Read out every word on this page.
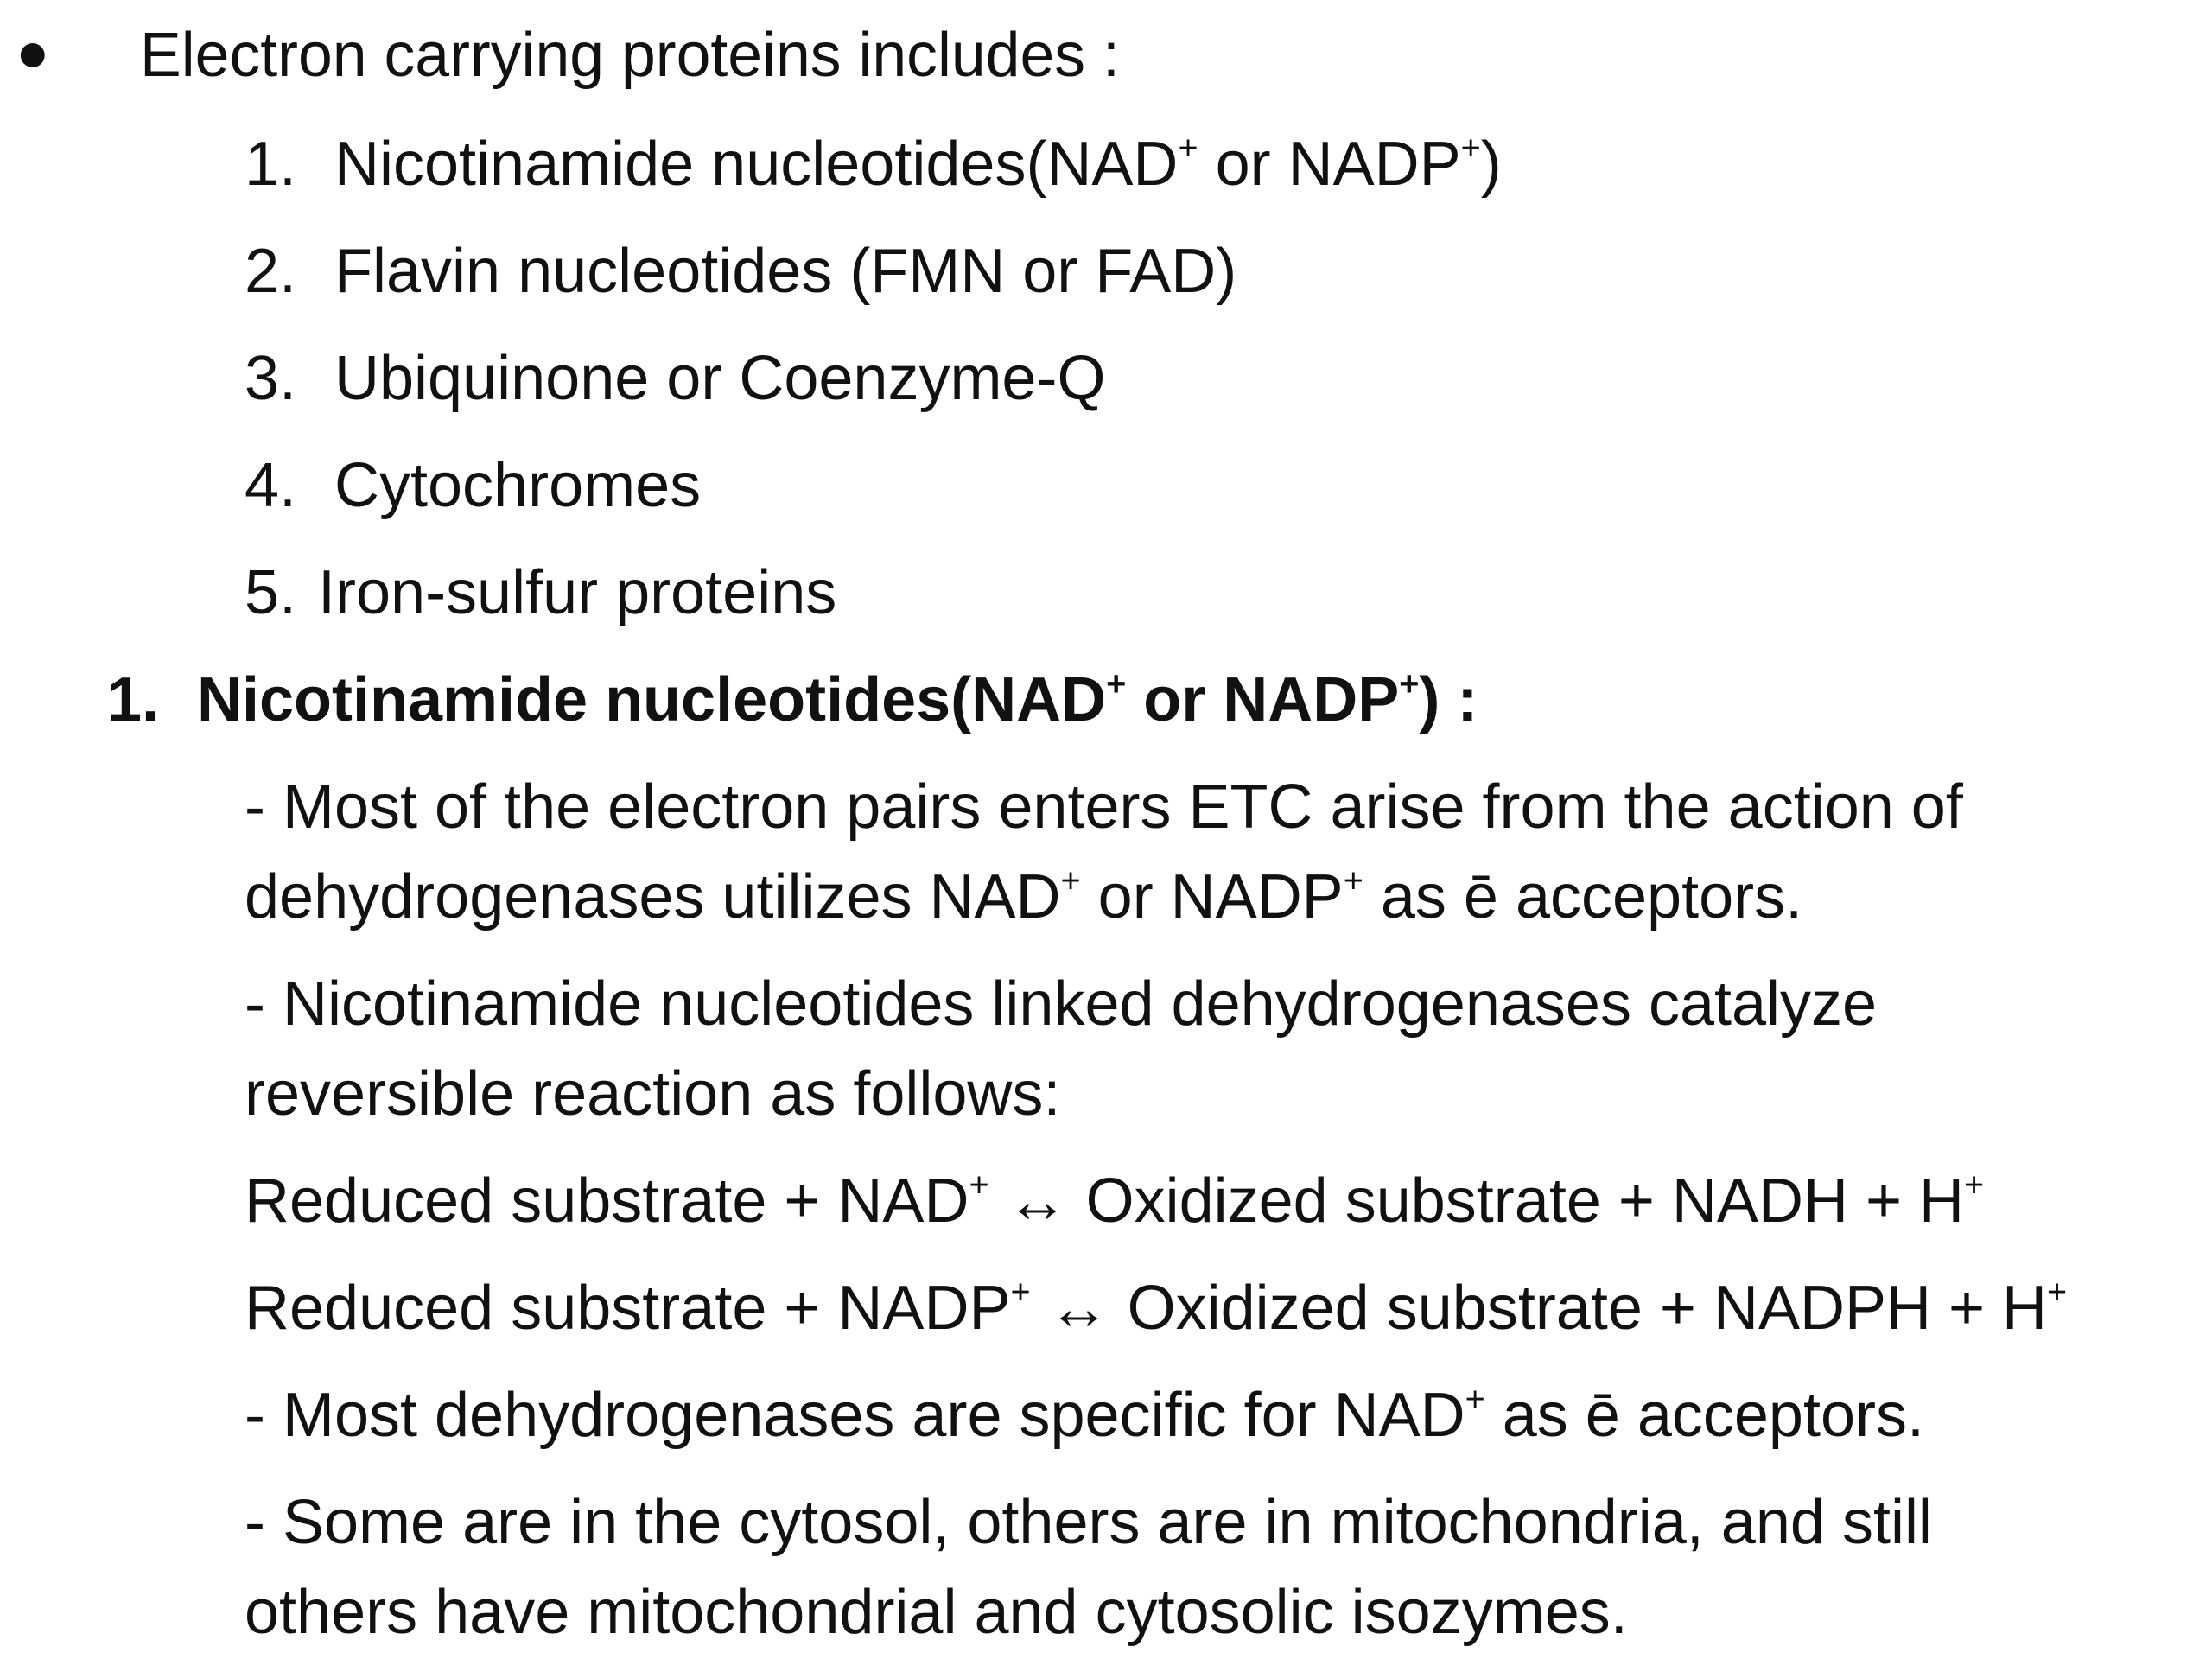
Electron carrying proteins includes :
1. Nicotinamide nucleotides(NAD+ or NADP+)
2. Flavin nucleotides (FMN or FAD)
3. Ubiquinone or Coenzyme-Q
4. Cytochromes
5. Iron-sulfur proteins
1. Nicotinamide nucleotides(NAD+ or NADP+) :
- Most of the electron pairs enters ETC arise from the action of
dehydrogenases utilizes NAD+ or NADP+ as ē acceptors.
- Nicotinamide nucleotides linked dehydrogenases catalyze
reversible reaction as follows:
Reduced substrate + NAD+ ↔ Oxidized substrate + NADH + H+
Reduced substrate + NADP+ ↔ Oxidized substrate + NADPH + H+
- Most dehydrogenases are specific for NAD+ as ē acceptors.
- Some are in the cytosol, others are in mitochondria, and still
others have mitochondrial and cytosolic isozymes.
